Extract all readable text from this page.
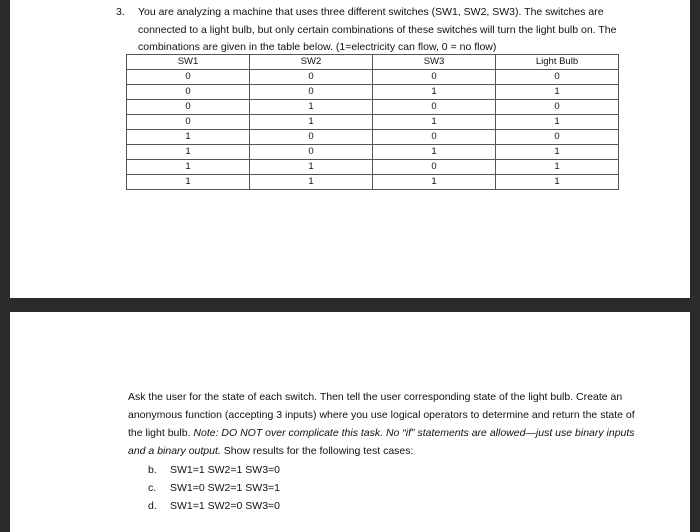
3. You are analyzing a machine that uses three different switches (SW1, SW2, SW3). The switches are connected to a light bulb, but only certain combinations of these switches will turn the light bulb on. The combinations are given in the table below. (1=electricity can flow, 0 = no flow)
SW1	SW2	SW3	Light Bulb
0	0	0	0
0	0	1	1
0	1	0	0
0	1	1	1
1	0	0	0
1	0	1	1
1	1	0	1
1	1	1	1

Ask the user for the state of each switch. Then tell the user corresponding state of the light bulb. Create an anonymous function (accepting 3 inputs) where you use logical operators to determine and return the state of the light bulb. Note: DO NOT over complicate this task. No “if” statements are allowed—just use binary inputs and a binary output. Show results for the following test cases:

b.	SW1=1 SW2=1 SW3=0
c.	SW1=0 SW2=1 SW3=1
d.	SW1=1 SW2=0 SW3=0
